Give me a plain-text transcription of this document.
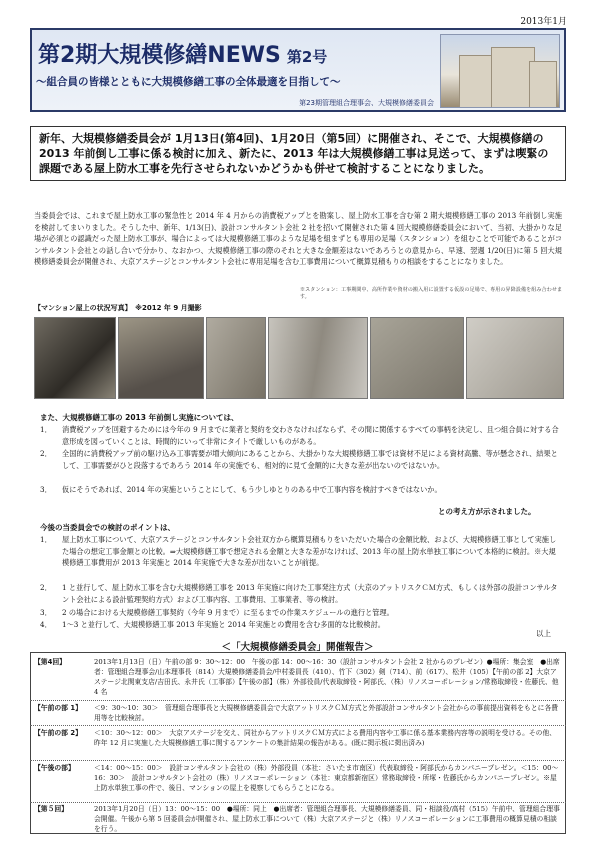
2013年1月
第2期大規模修繕NEWS 第2号
～組合員の皆様とともに大規模修繕工事の全体最適を目指して～
第23期管理組合理事会、大規模修繕委員会
新年、大規模修繕委員会が 1月13日(第4回)、1月20日（第5回）に開催され、そこで、大規模修繕の 2013 年前倒し工事に係る検討に加え、新たに、2013 年は大規模修繕工事は見送って、まずは喫緊の課題である屋上防水工事を先行させられないかどうかも併せて検討することになりました。
当委員会では、これまで屋上防水工事の緊急性と 2014 年 4 月からの消費税アップとを勘案し、屋上防水工事を含む第 2 期大規模修繕工事の 2013 年前倒し実施を検討してまいりました。そうした中、新年、1/13(日)、設計コンサルタント会社 2 社を招いて開催された第 4 回大規模修繕委員会において、当初、大掛かりな足場が必須との認識だった屋上防水工事が、場合によっては大規模修繕工事のような足場を組まずとも専用の足場（スタンション）を組むことで可能であることがコンサルタント会社との話し合いで分かり、なおかつ、大規模修繕工事の際のそれと大きな金額差はないであろうとの意見から、早速、翌週 1/20(日)に第 5 回大規模修繕委員会が開催され、大京アステージとコンサルタント会社に専用足場を含む工事費用について概算見積もりの相談をすることになりました。
※スタンション：工事期間中、高所作業や資材の搬入用に設置する仮設の足場で、専用の昇降設備を組み合わせます。
【マンション屋上の状況写真】　※2012 年 9 月撮影
また、大規模修繕工事の 2013 年前倒し実施については、
1． 消費税アップを回避するためには今年の 9 月までに業者と契約を交わさなければならず、その間に関係するすべての事柄を決定し、且つ組合員に対する合意形成を図っていくことは、時間的にいって非常にタイトで厳しいものがある。
2． 全国的に消費税アップ前の駆け込み工事需要が増大傾向にあることから、大掛かりな大規模修繕工事では資材不足による資材高騰、等が懸念され、結果として、工事需要がひと段落するであろう 2014 年の実施でも、相対的に見て金額的に大きな差が出ないのではないか。
3． 仮にそうであれば、2014 年の実施ということにして、もう少しゆとりのある中で工事内容を検討すべきではないか。
との考え方が示されました。
今後の当委員会での検討のポイントは、
1． 屋上防水工事について、大京アステージとコンサルタント会社双方から概算見積もりをいただいた場合の金額比較、および、大規模修繕工事として実施した場合の想定工事金額との比較。⇒大規模修繕工事で想定される金額と大きな差がなければ、2013 年の屋上防水単独工事について本格的に検討。※大規模修繕工事費用が 2013 年実施と 2014 年実施で大きな差が出ないことが前提。
2． 1 と並行して、屋上防水工事を含む大規模修繕工事を 2013 年実施に向けた工事発注方式（大京のアットリスクＣＭ方式、もしくは外部の設計コンサルタント会社による設計監理契約方式）および工事内容、工事費用、工事業者、等の検討。
3． 2 の場合における大規模修繕工事契約（今年 9 月まで）に至るまでの作業スケジュールの進行と管理。
4． 1～3 と並行して、大規模修繕工事 2013 年実施と 2014 年実施との費用を含む多面的な比較検討。
以上
＜「大規模修繕委員会」開催報告＞
【第4回】	2013年1月13日（日）午前の部 9：30～12：00　午後の部 14：00～16：30（設計コンサルタント会社 2 社からのプレゼン）●場所：集会室　●出席者：管理組合理事会/山本理事長（814）大規模修繕委員会/中村委員長（410）、竹下（302）剣（714）、前（617）、松井（105）【午前の部 2】大京アステージ北関東支店/吉田氏、永井氏（工事部）【午後の部】（株）外部役員/代表取締役・阿部氏、（株）リノスコーポレーション/常務取締役・佐藤氏、他 4 名
【午前の部 1】 ＜9：30～10：30＞　管理組合理事長と大規模修繕委員会で大京アットリスクＣＭ方式と外部設計コンサルタント会社からの事前提出資料をもとに各費用等を比較検討。
【午前の部 2】 ＜10：30～12：00＞　大京アステージを交え、同社からアットリスクＣＭ方式による費用内容や工事に係る基本業務内容等の説明を受ける。その他、昨年 12 月に実施した大規模修繕工事に関するアンケートの集計結果の報告がある。(既に掲示板に掲出済み)
【午後の部】	＜14：00～15：00＞　設計コンサルタント会社の（株）外部役員（本社：さいたま市南区）代表取締役・阿部氏からカンパニープレゼン。＜15：00～16：30＞　設計コンサルタント会社の（株）リノスコーポレーション（本社：東京都新宿区）常務取締役・所塚・佐藤氏からカンパニープレゼン。※屋上防水単独工事の件で、後日、マンションの屋上を視察してもらうことになる。
【第５回】	2013年1月20日（日）13：00～15：00　●場所：同上　●出席者：管理組合理事長、大規模修繕委員、同・相談役/高村（515）午前中、管理組合理事会開催。午後から第 5 回委員会が開催され、屋上防水工事について（株）大京アステージと（株）リノスコーポレーションに工事費用の概算見積の相談を行う。
